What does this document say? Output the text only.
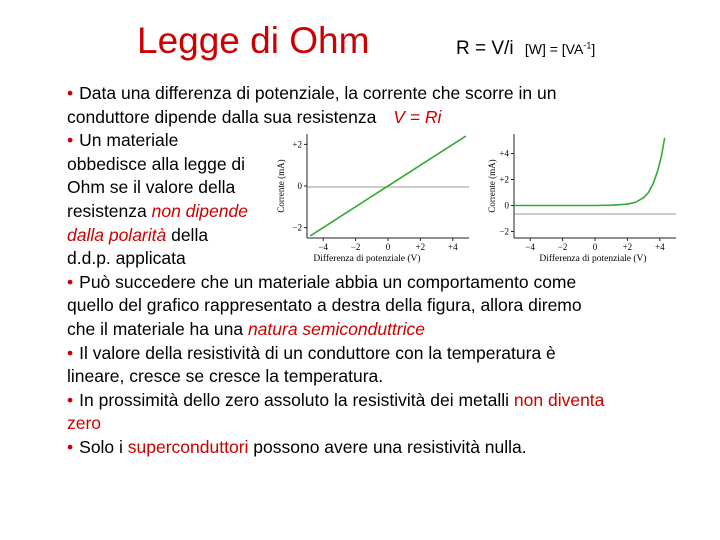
Legge di Ohm	R = V/i $[W] = [VA^{-1}]$
• Data una differenza di potenziale, la corrente che scorre in un
conduttore dipende dalla sua resistenza V = Ri
• Un materiale
obbedisce alla legge di
Ohm se il valore della
resistenza non dipende
dalla polarità della
d.d.p. applicata
• Può succedere che un materiale abbia un comportamento come
quello del grafico rappresentato a destra della figura, allora diremo
che il materiale ha una natura semiconduttrice
• Il valore della resistività di un conduttore con la temperatura è
lineare, cresce se cresce la temperatura.
• In prossimità dello zero assoluto la resistività dei metalli non diventa
zero
• Solo i superconduttori possono avere una resistività nulla.
Corrente (mA)
Differenza di potenziale (V)
−4	−2	0	+2	+4
+2
0
−2
Corrente (mA)
Differenza di potenziale (V)
−4	−2	0	+2	+4
+4
+2
0
−2
